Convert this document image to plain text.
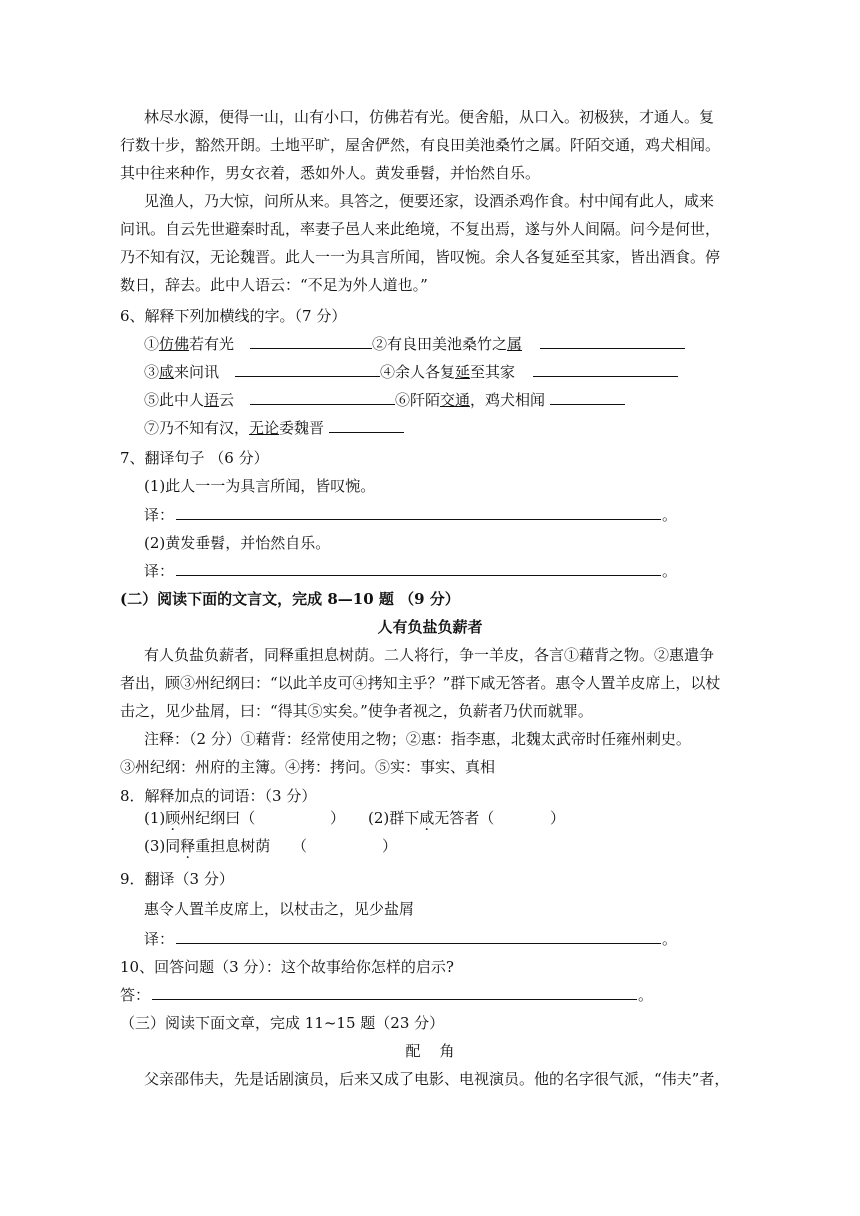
林尽水源，便得一山，山有小口，仿佛若有光。便舍船，从口入。初极狭，才通人。复
行数十步，豁然开朗。土地平旷，屋舍俨然，有良田美池桑竹之属。阡陌交通，鸡犬相闻。
其中往来种作，男女衣着，悉如外人。黄发垂髫，并怡然自乐。
见渔人，乃大惊，问所从来。具答之，便要还家，设酒杀鸡作食。村中闻有此人，咸来
问讯。自云先世避秦时乱，率妻子邑人来此绝境，不复出焉，遂与外人间隔。问今是何世，
乃不知有汉，无论魏晋。此人一一为具言所闻，皆叹惋。余人各复延至其家，皆出酒食。停
数日，辞去。此中人语云：“不足为外人道也。”
6、解释下列加横线的字。（7 分）
①仿佛若有光	②有良田美池桑竹之属
③咸来问讯	④余人各复延至其家
⑤此中人语云	⑥阡陌交通，鸡犬相闻
⑦乃不知有汉，无论委魏晋
7、翻译句子 （6 分）
(1)此人一一为具言所闻，皆叹惋。
译：	。
(2)黄发垂髫，并怡然自乐。
译：	。
(二）阅读下面的文言文，完成 8—10 题 （9 分）
人有负盐负薪者
有人负盐负薪者，同释重担息树荫。二人将行，争一羊皮，各言①藉背之物。②惠遣争
者出，顾③州纪纲曰：“以此羊皮可④拷知主乎？”群下咸无答者。惠令人置羊皮席上，以杖
击之，见少盐屑，曰：“得其⑤实矣。”使争者视之，负薪者乃伏而就罪。
注释：（2 分）①藉背：经常使用之物；②惠：指李惠，北魏太武帝时任雍州刺史。
③州纪纲：州府的主簿。④拷：拷问。⑤实：事实、真相
8．解释加点的词语：（3 分）
(1)顾州纪纲曰（	） (2)群下咸无答者（	）
(3)同释重担息树荫 （	）
9．翻译（3 分）
惠令人置羊皮席上，以杖击之，见少盐屑
译：	。
10、回答问题（3 分）：这个故事给你怎样的启示?
答：	。
（三）阅读下面文章，完成 11~15 题（23 分）
配    角
父亲邵伟夫，先是话剧演员，后来又成了电影、电视演员。他的名字很气派，“伟夫”者，
